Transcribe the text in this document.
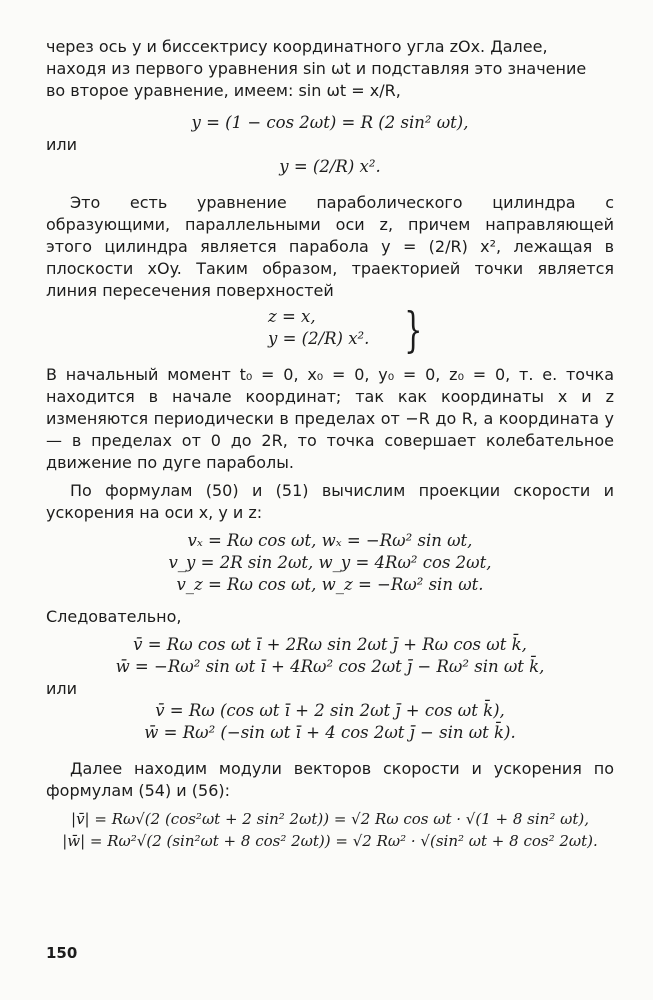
через ось y и биссектрису координатного угла zOx. Далее,

находя из первого уравнения sin ωt и подставляя это значение

во второе уравнение, имеем: sin ωt = x/R,

y = (1 − cos 2ωt) = R (2 sin² ωt),

или

y = (2/R) x².

Это есть уравнение параболического цилиндра с образующими, параллельными оси z, причем направляющей этого цилиндра является парабола y = (2/R) x², лежащая в плоскости xOy. Таким образом, траекторией точки является линия пересечения поверхностей

z = x,

y = (2/R) x². }

В начальный момент t₀ = 0, x₀ = 0, y₀ = 0, z₀ = 0, т. е. точка находится в начале координат; так как координаты x и z изменяются периодически в пределах от −R до R, а координата y — в пределах от 0 до 2R, то точка совершает колебательное движение по дуге параболы.

По формулам (50) и (51) вычислим проекции скорости и ускорения на оси x, y и z:

vₓ = Rω cos ωt, wₓ = −Rω² sin ωt,

v_y = 2R sin 2ωt, w_y = 4Rω² cos 2ωt,

v_z = Rω cos ωt, w_z = −Rω² sin ωt.

Следовательно,

v̄ = Rω cos ωt ī + 2Rω sin 2ωt j̄ + Rω cos ωt k̄,

w̄ = −Rω² sin ωt ī + 4Rω² cos 2ωt j̄ − Rω² sin ωt k̄,

или

v̄ = Rω (cos ωt ī + 2 sin 2ωt j̄ + cos ωt k̄),

w̄ = Rω² (−sin ωt ī + 4 cos 2ωt j̄ − sin ωt k̄).

Далее находим модули векторов скорости и ускорения по формулам (54) и (56):

|v̄| = Rω√(2 (cos²ωt + 2 sin² 2ωt)) = √2 Rω cos ωt · √(1 + 8 sin² ωt),

|w̄| = Rω²√(2 (sin²ωt + 8 cos² 2ωt)) = √2 Rω² · √(sin² ωt + 8 cos² 2ωt).

150
